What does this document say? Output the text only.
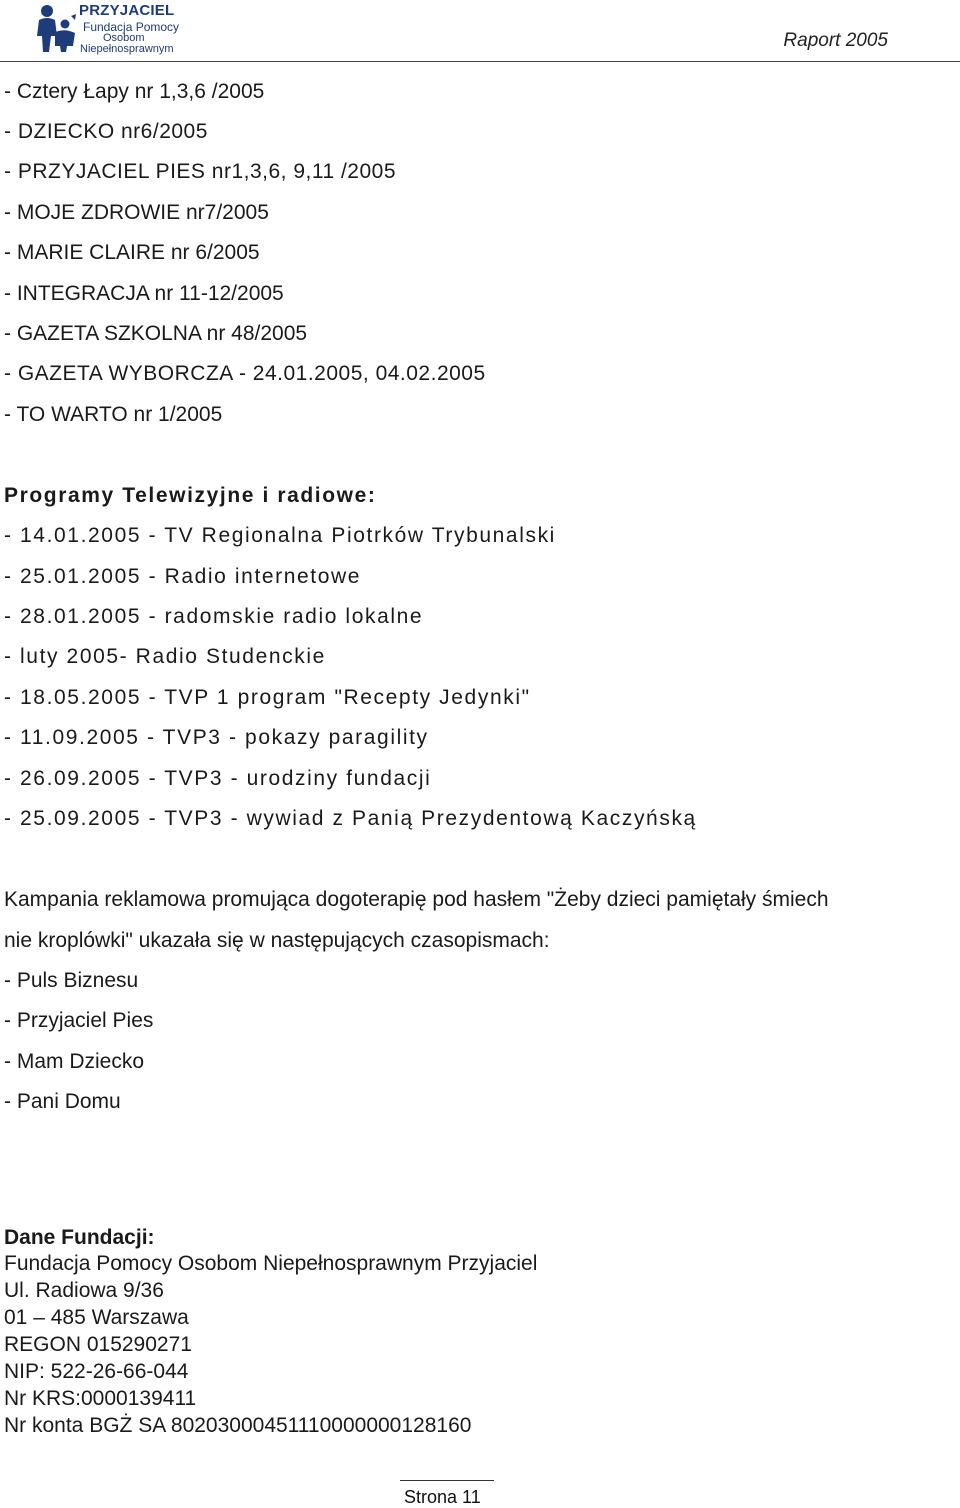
PRZYJACIEL
Fundacja Pomocy
Osobom
Niepełnosprawnym	Raport 2005
- Cztery Łapy nr 1,3,6 /2005
- DZIECKO nr6/2005
- PRZYJACIEL PIES nr1,3,6, 9,11 /2005
- MOJE ZDROWIE nr7/2005
- MARIE CLAIRE nr 6/2005
- INTEGRACJA nr 11-12/2005
- GAZETA SZKOLNA nr 48/2005
- GAZETA WYBORCZA - 24.01.2005, 04.02.2005
- TO WARTO nr 1/2005
Programy Telewizyjne i radiowe:
- 14.01.2005 - TV Regionalna Piotrków Trybunalski
- 25.01.2005 - Radio internetowe
- 28.01.2005 - radomskie radio lokalne
- luty 2005- Radio Studenckie
- 18.05.2005 - TVP 1 program "Recepty Jedynki"
- 11.09.2005 - TVP3 - pokazy paragility
- 26.09.2005 - TVP3 - urodziny fundacji
- 25.09.2005 - TVP3 - wywiad z Panią Prezydentową Kaczyńską
Kampania reklamowa promująca dogoterapię pod hasłem "Żeby dzieci pamiętały śmiech
nie kroplówki" ukazała się w następujących czasopismach:
- Puls Biznesu
- Przyjaciel Pies
- Mam Dziecko
- Pani Domu
Dane Fundacji:
Fundacja Pomocy Osobom Niepełnosprawnym Przyjaciel
Ul. Radiowa 9/36
01 – 485 Warszawa
REGON 015290271
NIP: 522-26-66-044
Nr KRS:0000139411
Nr konta BGŻ SA 80203000451110000000128160
Strona 11
